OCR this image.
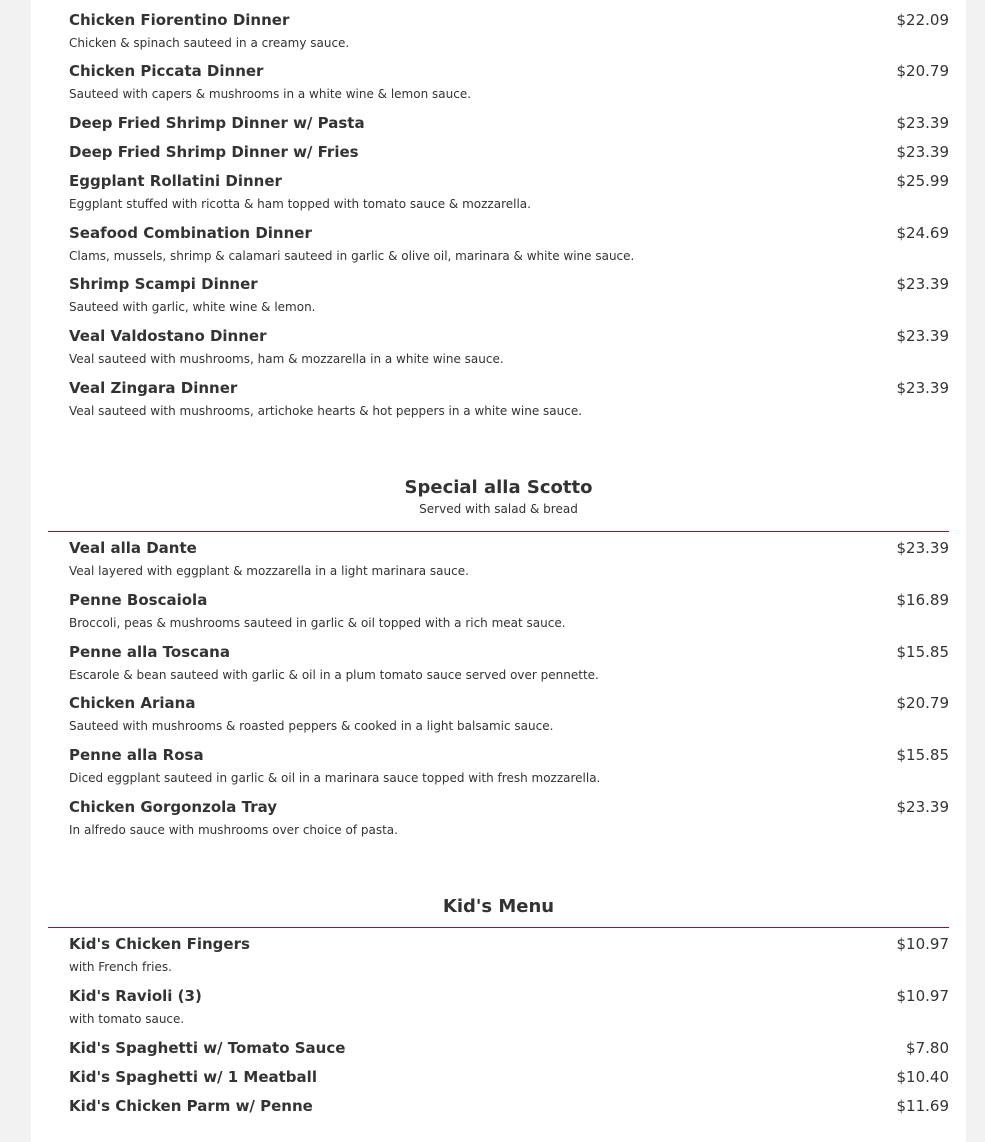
Chicken Fiorentino Dinner	$22.09
Chicken & spinach sauteed in a creamy sauce.
Chicken Piccata Dinner	$20.79
Sauteed with capers & mushrooms in a white wine & lemon sauce.
Deep Fried Shrimp Dinner w/ Pasta	$23.39
Deep Fried Shrimp Dinner w/ Fries	$23.39
Eggplant Rollatini Dinner	$25.99
Eggplant stuffed with ricotta & ham topped with tomato sauce & mozzarella.
Seafood Combination Dinner	$24.69
Clams, mussels, shrimp & calamari sauteed in garlic & olive oil, marinara & white wine sauce.
Shrimp Scampi Dinner	$23.39
Sauteed with garlic, white wine & lemon.
Veal Valdostano Dinner	$23.39
Veal sauteed with mushrooms, ham & mozzarella in a white wine sauce.
Veal Zingara Dinner	$23.39
Veal sauteed with mushrooms, artichoke hearts & hot peppers in a white wine sauce.
Special alla Scotto
Served with salad & bread
Veal alla Dante	$23.39
Veal layered with eggplant & mozzarella in a light marinara sauce.
Penne Boscaiola	$16.89
Broccoli, peas & mushrooms sauteed in garlic & oil topped with a rich meat sauce.
Penne alla Toscana	$15.85
Escarole & bean sauteed with garlic & oil in a plum tomato sauce served over pennette.
Chicken Ariana	$20.79
Sauteed with mushrooms & roasted peppers & cooked in a light balsamic sauce.
Penne alla Rosa	$15.85
Diced eggplant sauteed in garlic & oil in a marinara sauce topped with fresh mozzarella.
Chicken Gorgonzola Tray	$23.39
In alfredo sauce with mushrooms over choice of pasta.
Kid's Menu
Kid's Chicken Fingers	$10.97
with French fries.
Kid's Ravioli (3)	$10.97
with tomato sauce.
Kid's Spaghetti w/ Tomato Sauce	$7.80
Kid's Spaghetti w/ 1 Meatball	$10.40
Kid's Chicken Parm w/ Penne	$11.69
